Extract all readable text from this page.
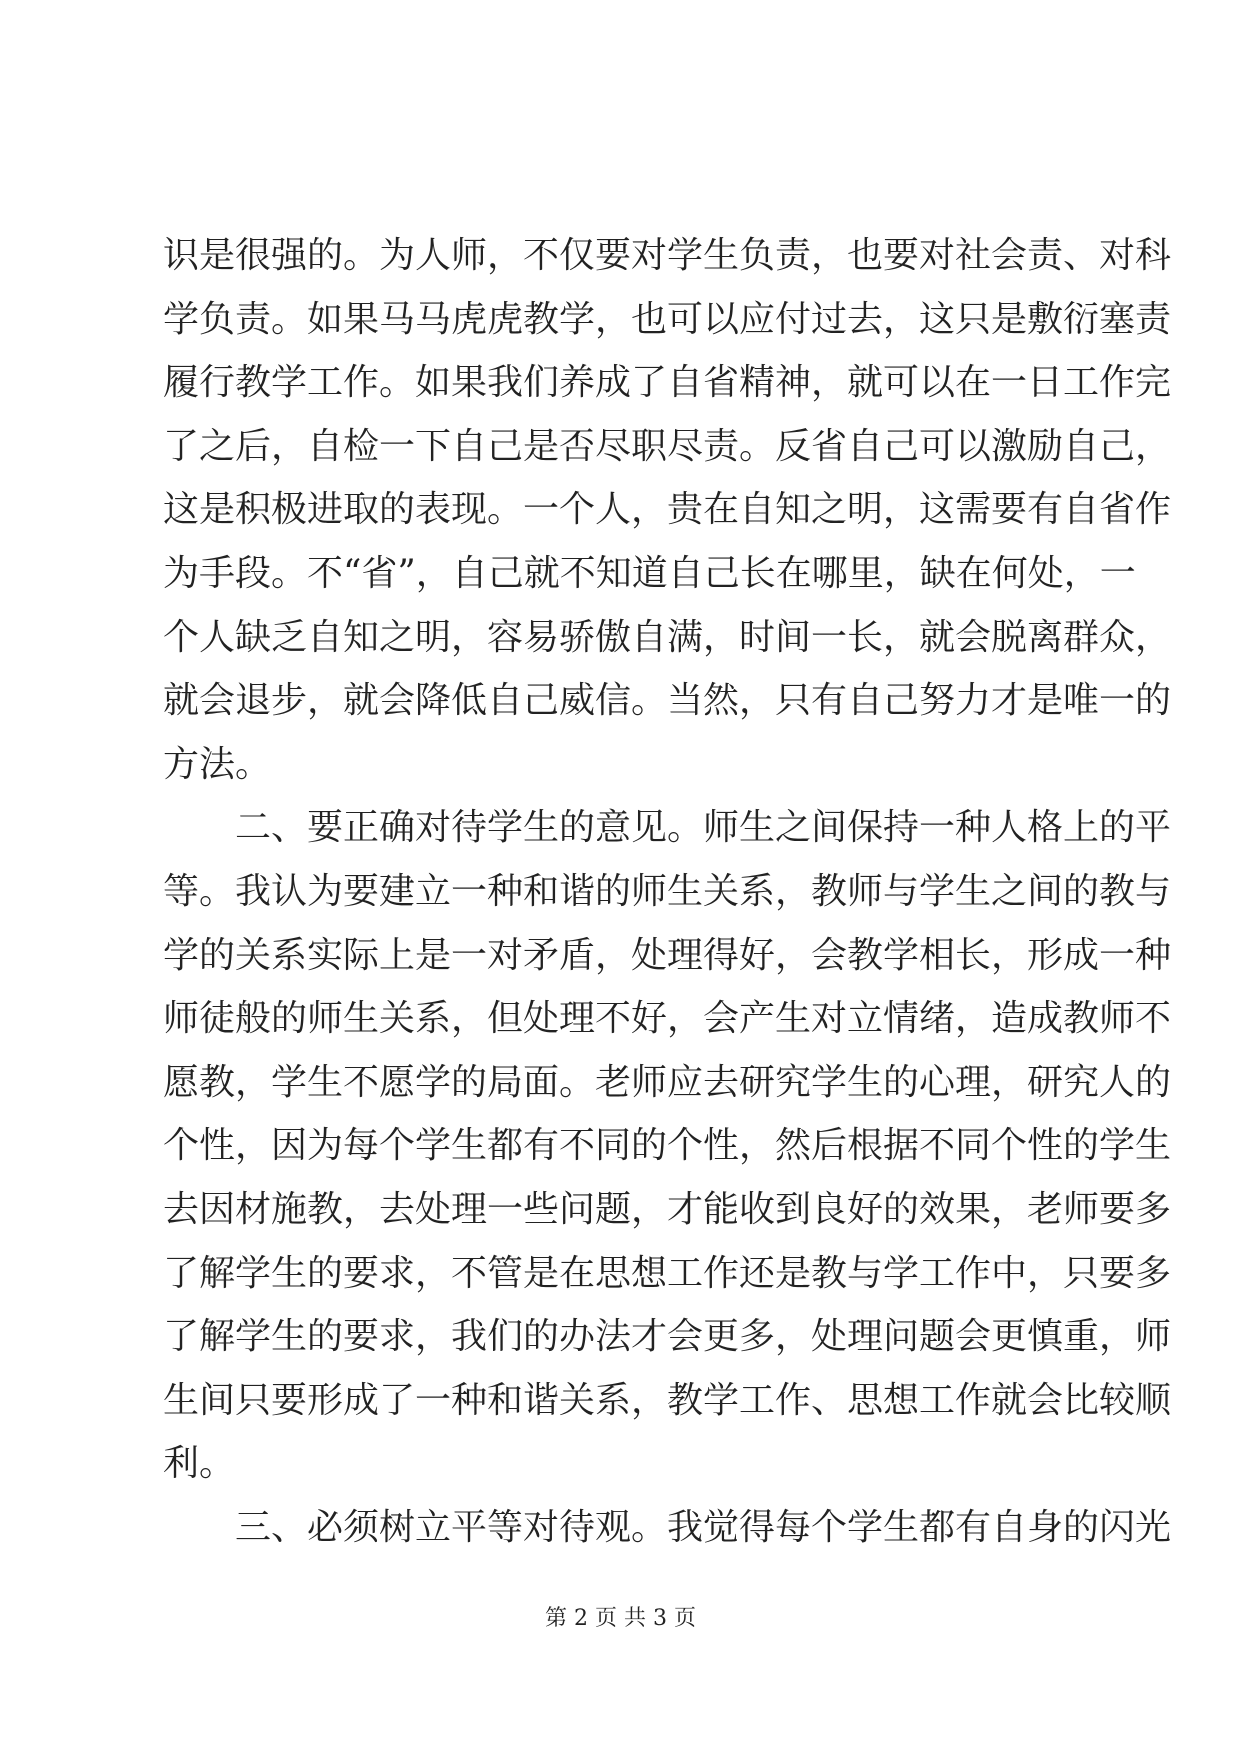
识是很强的。为人师，不仅要对学生负责，也要对社会责、对科
学负责。如果马马虎虎教学，也可以应付过去，这只是敷衍塞责
履行教学工作。如果我们养成了自省精神，就可以在一日工作完
了之后，自检一下自己是否尽职尽责。反省自己可以激励自己，
这是积极进取的表现。一个人，贵在自知之明，这需要有自省作
为手段。不“省”，自己就不知道自己长在哪里，缺在何处，一
个人缺乏自知之明，容易骄傲自满，时间一长，就会脱离群众，
就会退步，就会降低自己威信。当然，只有自己努力才是唯一的
方法。
二、要正确对待学生的意见。师生之间保持一种人格上的平
等。我认为要建立一种和谐的师生关系，教师与学生之间的教与
学的关系实际上是一对矛盾，处理得好，会教学相长，形成一种
师徒般的师生关系，但处理不好，会产生对立情绪，造成教师不
愿教，学生不愿学的局面。老师应去研究学生的心理，研究人的
个性，因为每个学生都有不同的个性，然后根据不同个性的学生
去因材施教，去处理一些问题，才能收到良好的效果，老师要多
了解学生的要求，不管是在思想工作还是教与学工作中，只要多
了解学生的要求，我们的办法才会更多，处理问题会更慎重，师
生间只要形成了一种和谐关系，教学工作、思想工作就会比较顺
利。
三、必须树立平等对待观。我觉得每个学生都有自身的闪光
第 2 页 共 3 页
